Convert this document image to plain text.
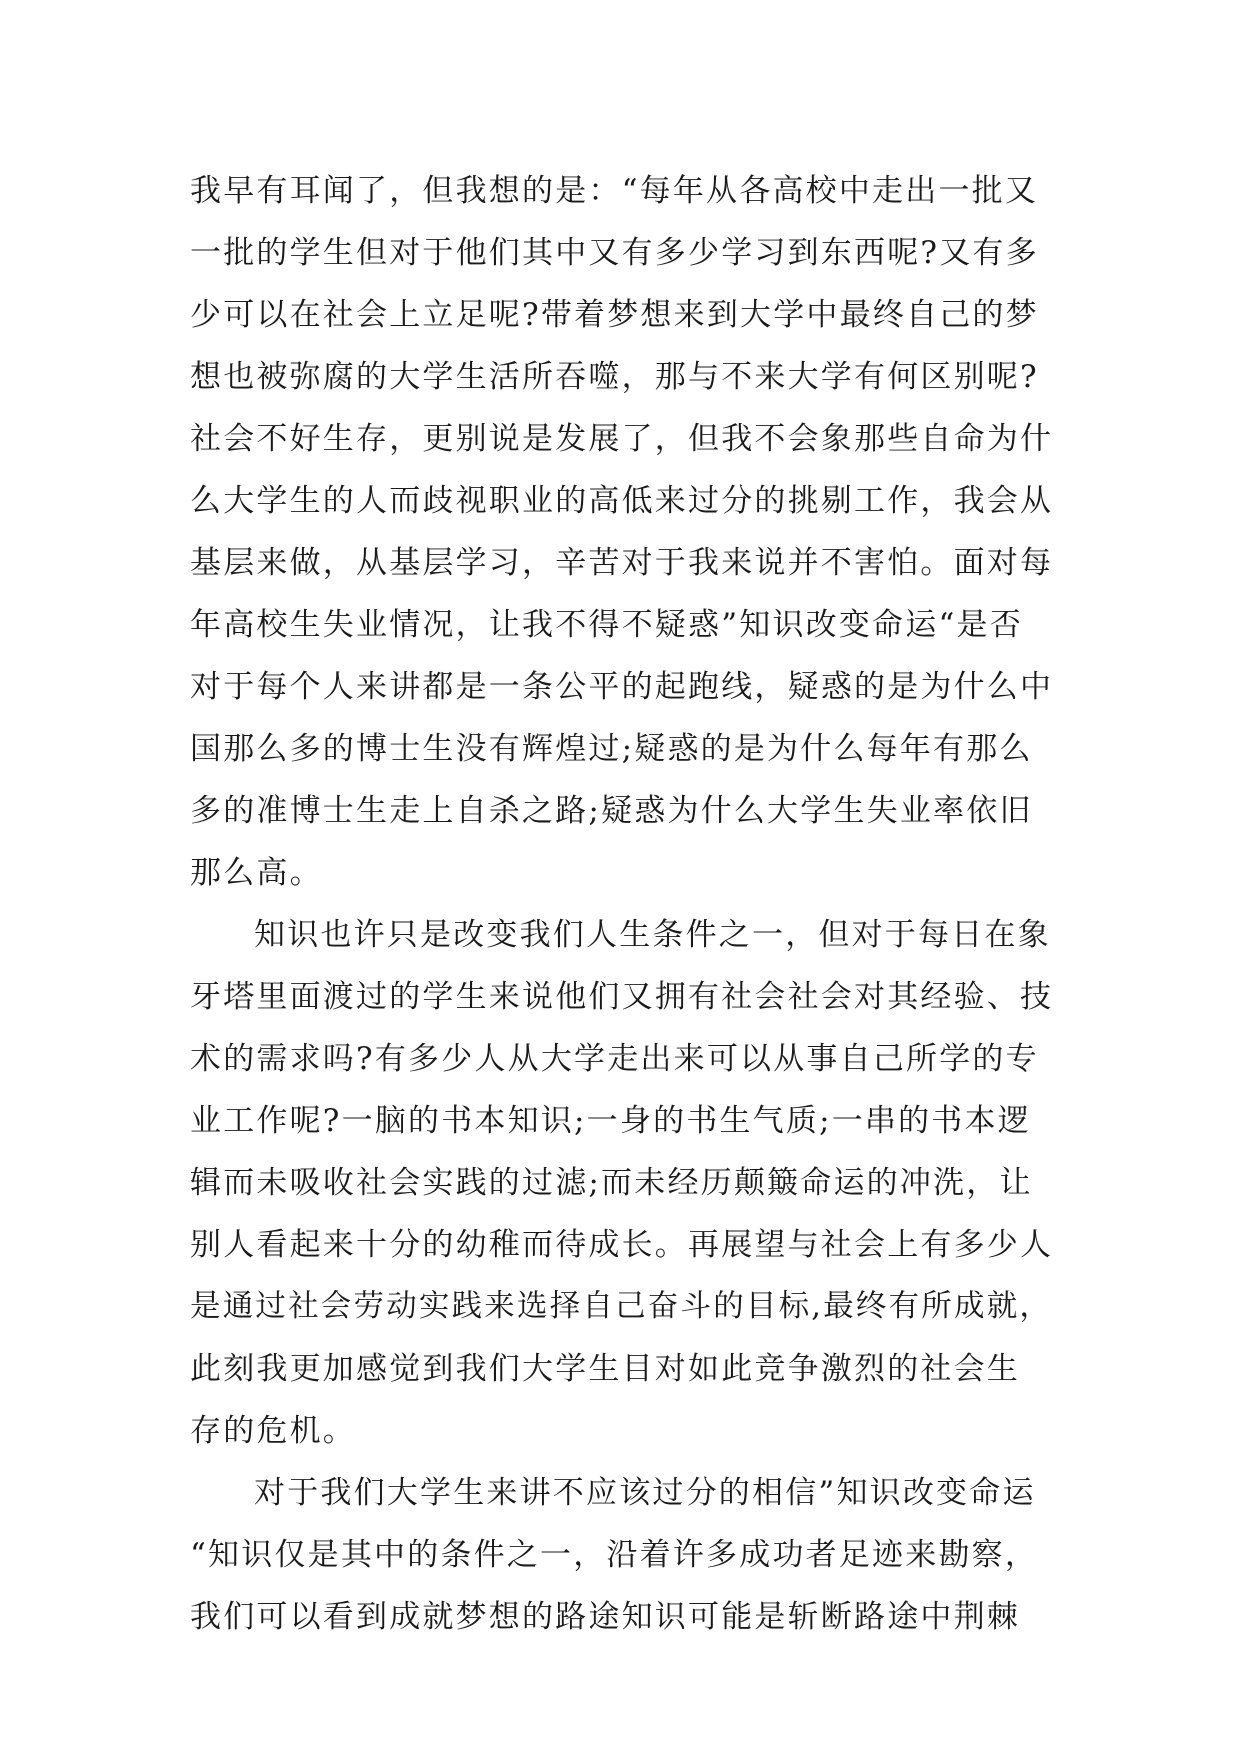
我早有耳闻了，但我想的是：“每年从各高校中走出一批又
一批的学生但对于他们其中又有多少学习到东西呢?又有多
少可以在社会上立足呢?带着梦想来到大学中最终自己的梦
想也被弥腐的大学生活所吞噬，那与不来大学有何区别呢?
社会不好生存，更别说是发展了，但我不会象那些自命为什
么大学生的人而歧视职业的高低来过分的挑剔工作，我会从
基层来做，从基层学习，辛苦对于我来说并不害怕。面对每
年高校生失业情况，让我不得不疑惑”知识改变命运“是否
对于每个人来讲都是一条公平的起跑线，疑惑的是为什么中
国那么多的博士生没有辉煌过;疑惑的是为什么每年有那么
多的准博士生走上自杀之路;疑惑为什么大学生失业率依旧
那么高。
知识也许只是改变我们人生条件之一，但对于每日在象
牙塔里面渡过的学生来说他们又拥有社会社会对其经验、技
术的需求吗?有多少人从大学走出来可以从事自己所学的专
业工作呢?一脑的书本知识;一身的书生气质;一串的书本逻
辑而未吸收社会实践的过滤;而未经历颠簸命运的冲洗，让
别人看起来十分的幼稚而待成长。再展望与社会上有多少人
是通过社会劳动实践来选择自己奋斗的目标,最终有所成就，
此刻我更加感觉到我们大学生目对如此竞争激烈的社会生
存的危机。
对于我们大学生来讲不应该过分的相信”知识改变命运
“知识仅是其中的条件之一，沿着许多成功者足迹来勘察，
我们可以看到成就梦想的路途知识可能是斩断路途中荆棘
